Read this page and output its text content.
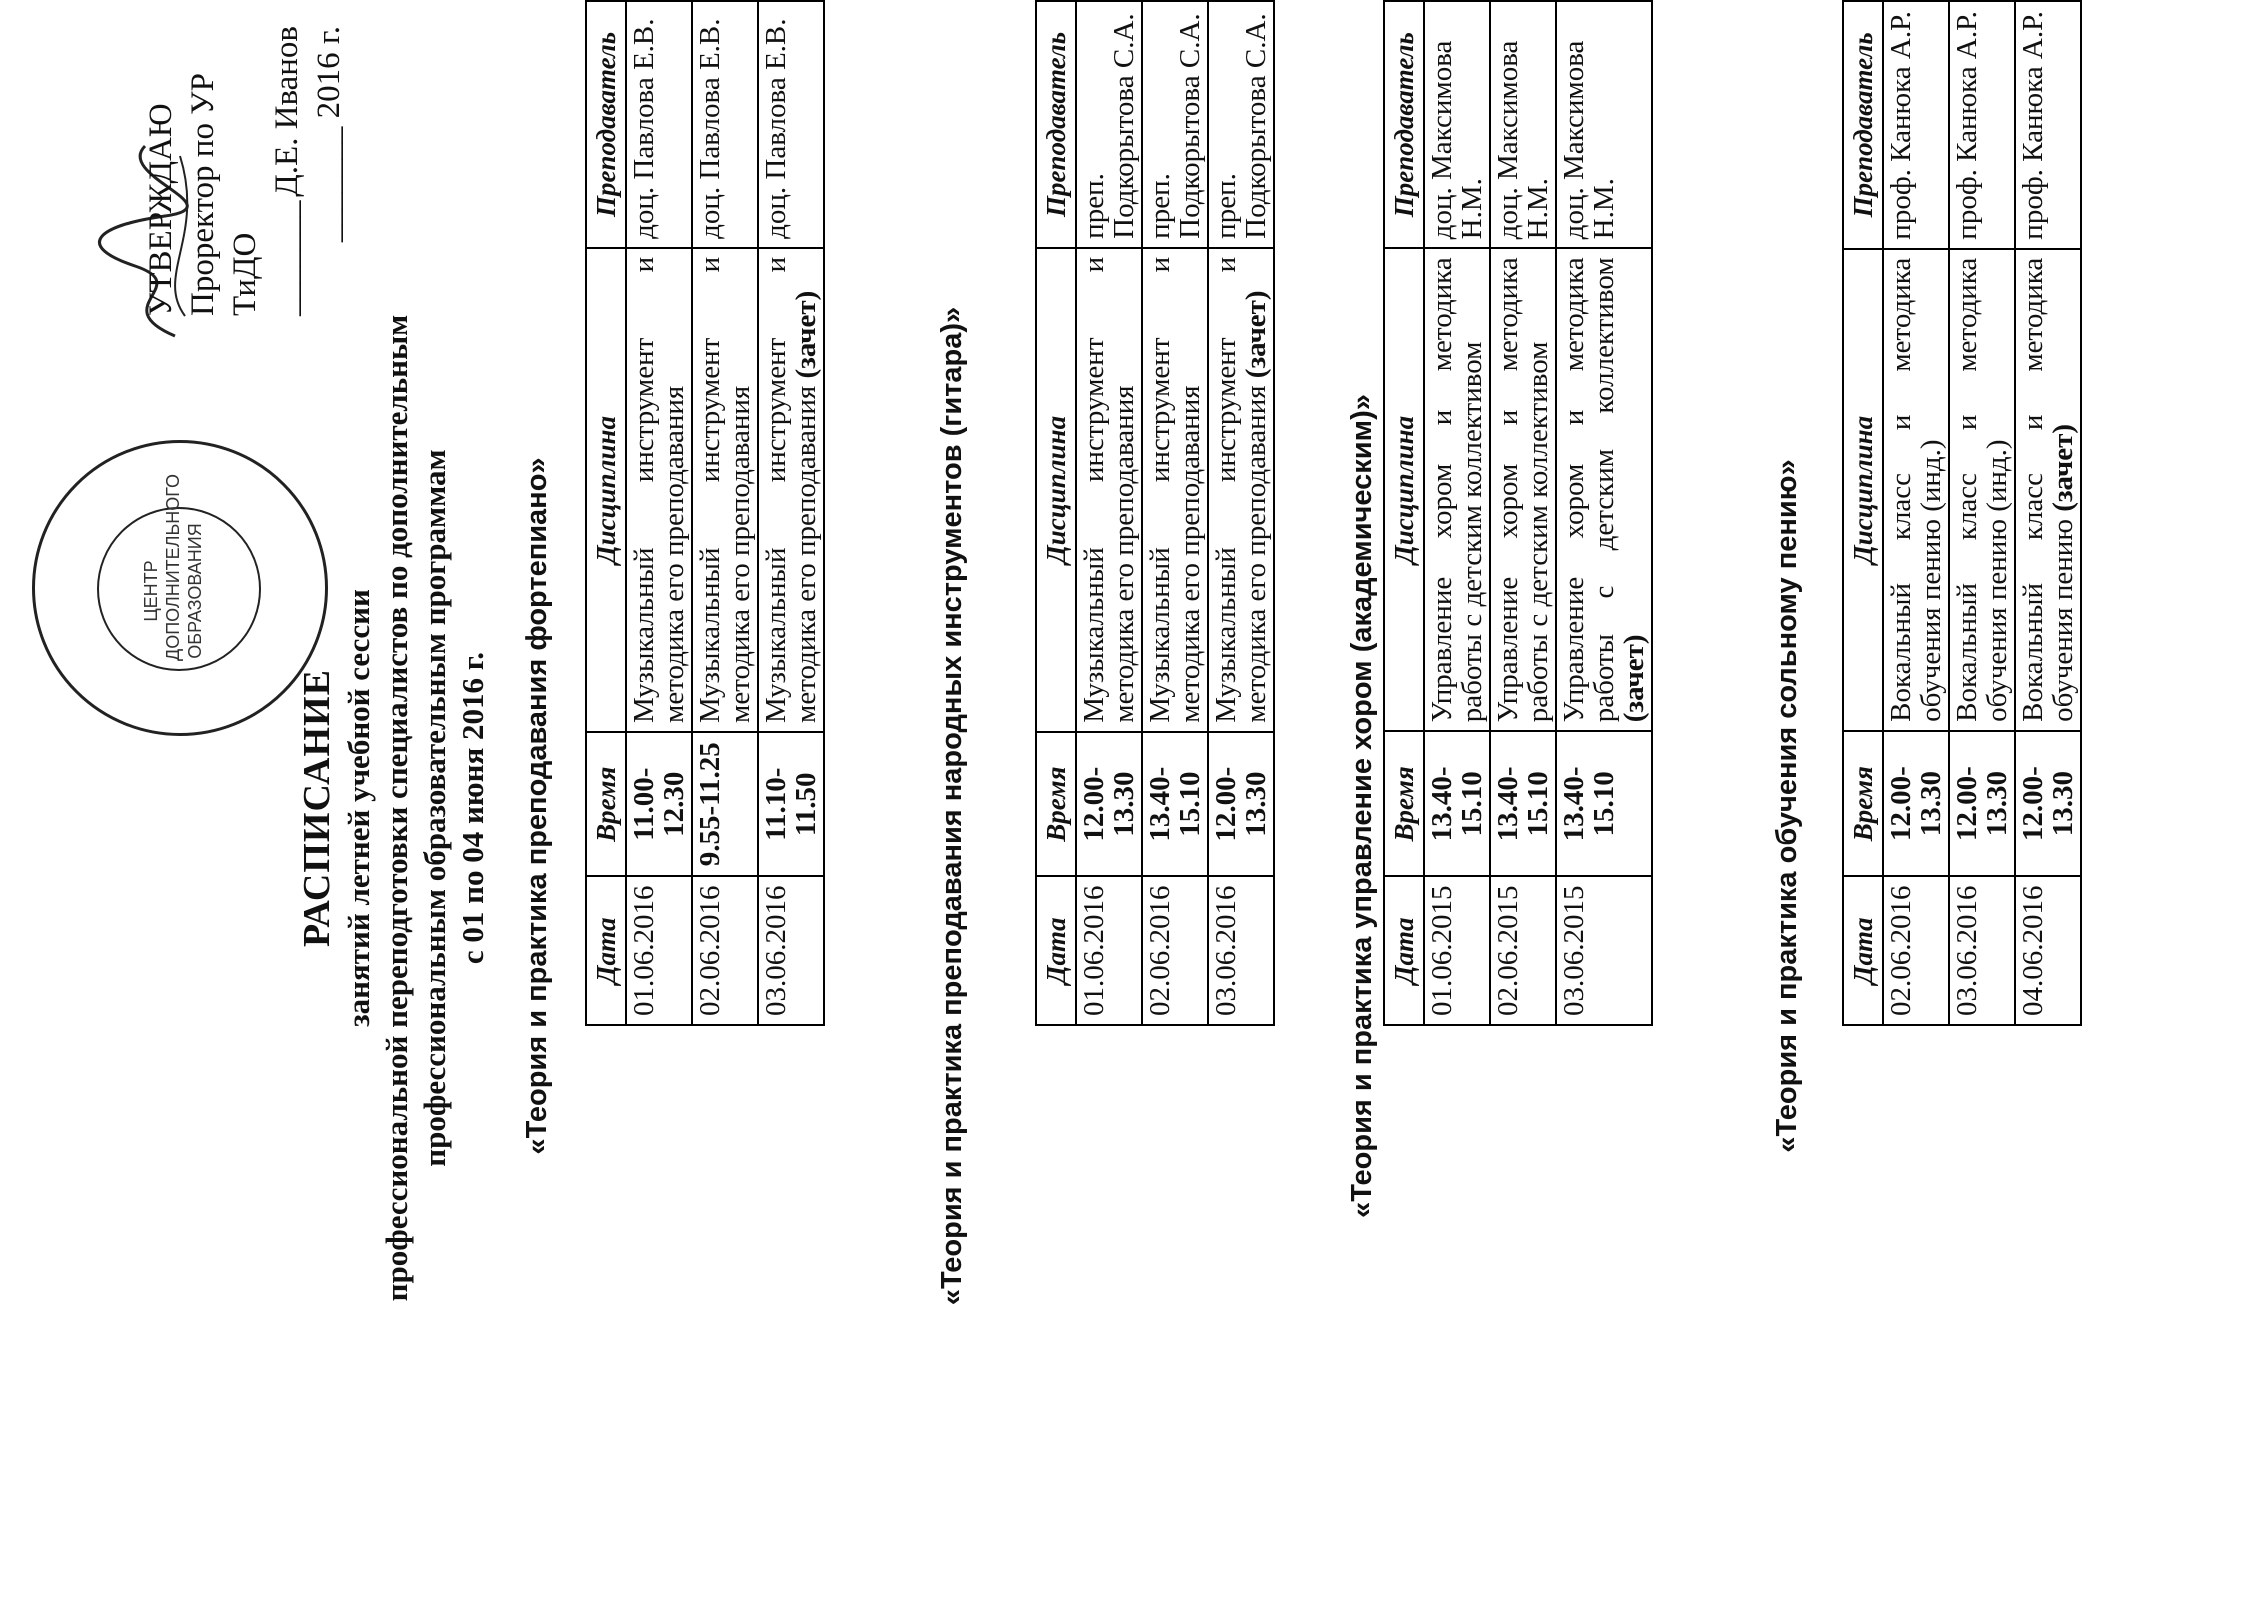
ЦЕНТР ДОПОЛНИТЕЛЬНОГО ОБРАЗОВАНИЯ
УТВЕРЖДАЮ Проректор по УР ТиДО _______
Д.Е. Иванов _______ 2016 г.
РАСПИСАНИЕ занятий летней учебной сессии профессиональной переподготовки специалистов по дополнительным профессиональным образовательным программам с 01 по 04 июня 2016 г. «Теория и практика преподавания фортепиано» Дата	Время	Дисциплина	Преподаватель
01.06.2016	11.00-12.30	Музыкальный инструмент и методика его преподавания	доц. Павлова Е.В.
02.06.2016	9.55-11.25	Музыкальный инструмент и методика его преподавания	доц. Павлова Е.В.
03.06.2016	11.10-11.50	Музыкальный инструмент и методика его преподавания (зачет)	доц. Павлова Е.В.
«Теория и практика преподавания народных инструментов (гитара)»	Дата	Время	Дисциплина	Преподаватель
01.06.2016	12.00-13.30	Музыкальный инструмент и методика его преподавания	преп. Подкорытова С.А.
02.06.2016	13.40-15.10	Музыкальный инструмент и методика его преподавания	преп. Подкорытова С.А.
03.06.2016	12.00-13.30	Музыкальный инструмент и методика его преподавания (зачет)	преп. Подкорытова С.А.
«Теория и практика управление хором (академическим)» Дата	Время	Дисциплина	Преподаватель
01.06.2015	13.40-15.10	Управление хором и методика работы с детским коллективом	доц. Максимова Н.М.
02.06.2015	13.40-15.10	Управление хором и методика работы с детским коллективом	доц. Максимова Н.М.
03.06.2015	13.40-15.10	Управление хором и методика работы с детским коллективом (зачет)	доц. Максимова Н.М.
«Теория и практика обучения сольному пению» Дата	Время	Дисциплина	Преподаватель
02.06.2016	12.00-13.30	Вокальный класс и методика обучения пению (инд.)	проф. Канюка А.Р.
03.06.2016	12.00-13.30	Вокальный класс и методика обучения пению (инд.)	проф. Канюка А.Р.
04.06.2016	12.00-13.30	Вокальный класс и методика обучения пению (зачет)	проф. Канюка А.Р.
